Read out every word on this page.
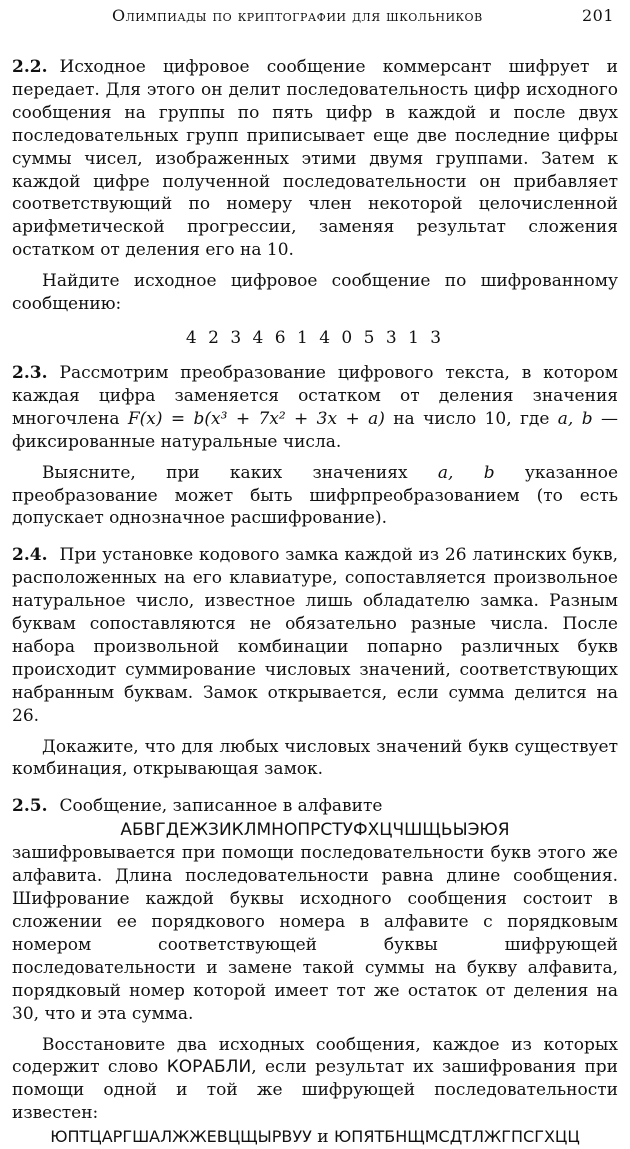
Олимпиады по криптографии для школьников	201

2.2. Исходное цифровое сообщение коммерсант шифрует и передает. Для этого он делит последовательность цифр исходного сообщения на группы по пять цифр в каждой и после двух последовательных групп приписывает еще две последние цифры суммы чисел, изображенных этими двумя группами. Затем к каждой цифре полученной последовательности он прибавляет соответствующий по номеру член некоторой целочисленной арифметической прогрессии, заменяя результат сложения остатком от деления его на 10.

Найдите исходное цифровое сообщение по шифрованному сообщению:

4 2 3 4 6 1 4 0 5 3 1 3

2.3. Рассмотрим преобразование цифрового текста, в котором каждая цифра заменяется остатком от деления значения многочлена F(x) = b(x³ + 7x² + 3x + a) на число 10, где a, b — фиксированные натуральные числа.

Выясните, при каких значениях a, b указанное преобразование может быть шифрпреобразованием (то есть допускает однозначное расшифрование).

2.4. При установке кодового замка каждой из 26 латинских букв, расположенных на его клавиатуре, сопоставляется произвольное натуральное число, известное лишь обладателю замка. Разным буквам сопоставляются не обязательно разные числа. После набора произвольной комбинации попарно различных букв происходит суммирование числовых значений, соответствующих набранным буквам. Замок открывается, если сумма делится на 26.

Докажите, что для любых числовых значений букв существует комбинация, открывающая замок.

2.5. Сообщение, записанное в алфавите

АБВГДЕЖЗИКЛМНОПРСТУФХЦЧШЩЬЫЭЮЯ

зашифровывается при помощи последовательности букв этого же алфавита. Длина последовательности равна длине сообщения. Шифрование каждой буквы исходного сообщения состоит в сложении ее порядкового номера в алфавите с порядковым номером соответствующей буквы шифрующей последовательности и замене такой суммы на букву алфавита, порядковый номер которой имеет тот же остаток от деления на 30, что и эта сумма.

Восстановите два исходных сообщения, каждое из которых содержит слово КОРАБЛИ, если результат их зашифрования при помощи одной и той же шифрующей последовательности известен:

ЮПТЦАРГШАЛЖЖЕВЦЩЫРВУУ и ЮПЯТБНЩМСДТЛЖГПСГХЦЦ
